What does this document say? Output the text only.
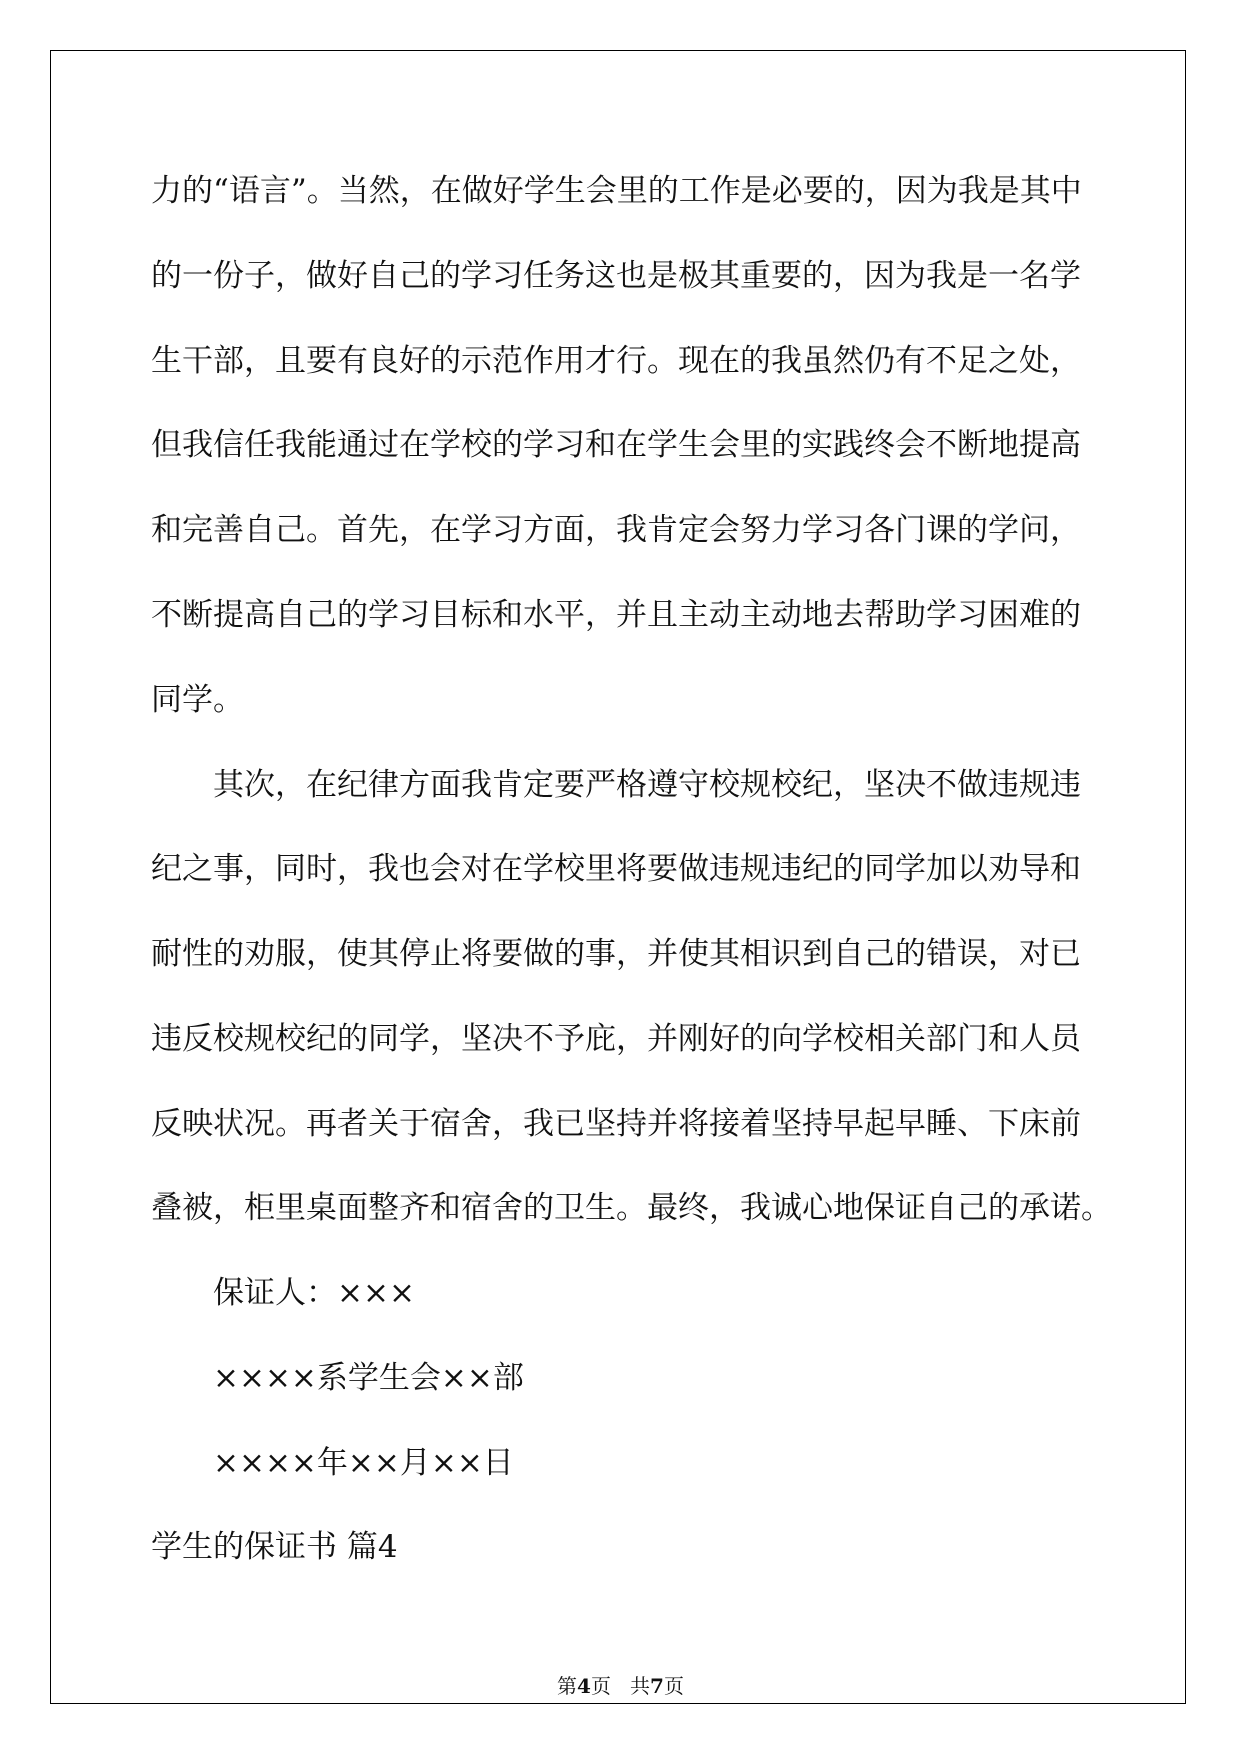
力的“语言”。当然，在做好学生会里的工作是必要的，因为我是其中

的一份子，做好自己的学习任务这也是极其重要的，因为我是一名学

生干部，且要有良好的示范作用才行。现在的我虽然仍有不足之处，

但我信任我能通过在学校的学习和在学生会里的实践终会不断地提高

和完善自己。首先，在学习方面，我肯定会努力学习各门课的学问，

不断提高自己的学习目标和水平，并且主动主动地去帮助学习困难的

同学。

其次，在纪律方面我肯定要严格遵守校规校纪，坚决不做违规违

纪之事，同时，我也会对在学校里将要做违规违纪的同学加以劝导和

耐性的劝服，使其停止将要做的事，并使其相识到自己的错误，对已

违反校规校纪的同学，坚决不予庇，并刚好的向学校相关部门和人员

反映状况。再者关于宿舍，我已坚持并将接着坚持早起早睡、下床前

叠被，柜里桌面整齐和宿舍的卫生。最终，我诚心地保证自己的承诺。

保证人：×××

××××系学生会××部

××××年××月××日

学生的保证书 篇4

第4页 共7页
